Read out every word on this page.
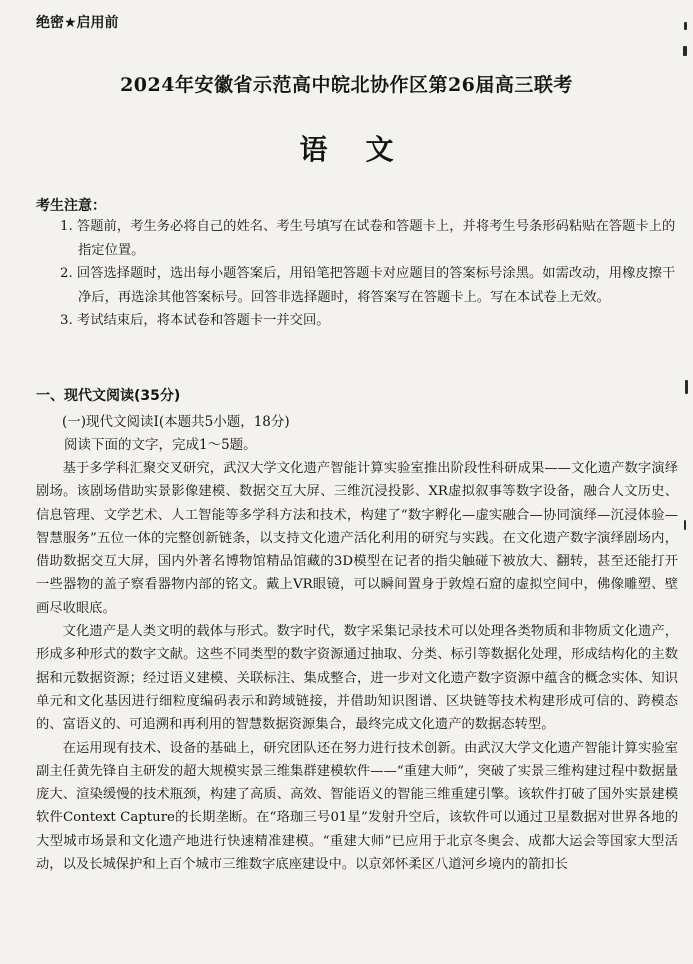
绝密★启用前
2024年安徽省示范高中皖北协作区第26届高三联考
语文
考生注意：

1. 答题前，考生务必将自己的姓名、考生号填写在试卷和答题卡上，并将考生号条形码粘贴在答题卡上的指定位置。

2. 回答选择题时，选出每小题答案后，用铅笔把答题卡对应题目的答案标号涂黑。如需改动，用橡皮擦干净后，再选涂其他答案标号。回答非选择题时，将答案写在答题卡上。写在本试卷上无效。

3. 考试结束后，将本试卷和答题卡一并交回。

一、现代文阅读(35分)
(一)现代文阅读Ⅰ(本题共5小题，18分)
阅读下面的文字，完成1～5题。

基于多学科汇聚交叉研究，武汉大学文化遗产智能计算实验室推出阶段性科研成果——文化遗产数字演绎剧场。该剧场借助实景影像建模、数据交互大屏、三维沉浸投影、XR虚拟叙事等数字设备，融合人文历史、信息管理、文学艺术、人工智能等多学科方法和技术，构建了“数字孵化—虚实融合—协同演绎—沉浸体验—智慧服务”五位一体的完整创新链条，以支持文化遗产活化利用的研究与实践。在文化遗产数字演绎剧场内，借助数据交互大屏，国内外著名博物馆精品馆藏的3D模型在记者的指尖触碰下被放大、翻转，甚至还能打开一些器物的盖子察看器物内部的铭文。戴上VR眼镜，可以瞬间置身于敦煌石窟的虚拟空间中，佛像雕塑、壁画尽收眼底。

文化遗产是人类文明的载体与形式。数字时代，数字采集记录技术可以处理各类物质和非物质文化遗产，形成多种形式的数字文献。这些不同类型的数字资源通过抽取、分类、标引等数据化处理，形成结构化的主数据和元数据资源；经过语义建模、关联标注、集成整合，进一步对文化遗产数字资源中蕴含的概念实体、知识单元和文化基因进行细粒度编码表示和跨域链接，并借助知识图谱、区块链等技术构建形成可信的、跨模态的、富语义的、可追溯和再利用的智慧数据资源集合，最终完成文化遗产的数据态转型。

在运用现有技术、设备的基础上，研究团队还在努力进行技术创新。由武汉大学文化遗产智能计算实验室副主任黄先锋自主研发的超大规模实景三维集群建模软件——“重建大师”，突破了实景三维构建过程中数据量庞大、渲染缓慢的技术瓶颈，构建了高质、高效、智能语义的智能三维重建引擎。该软件打破了国外实景建模软件Context Capture的长期垄断。在“珞珈三号01星”发射升空后，该软件可以通过卫星数据对世界各地的大型城市场景和文化遗产地进行快速精准建模。“重建大师”已应用于北京冬奥会、成都大运会等国家大型活动，以及长城保护和上百个城市三维数字底座建设中。以京郊怀柔区八道河乡境内的箭扣长
